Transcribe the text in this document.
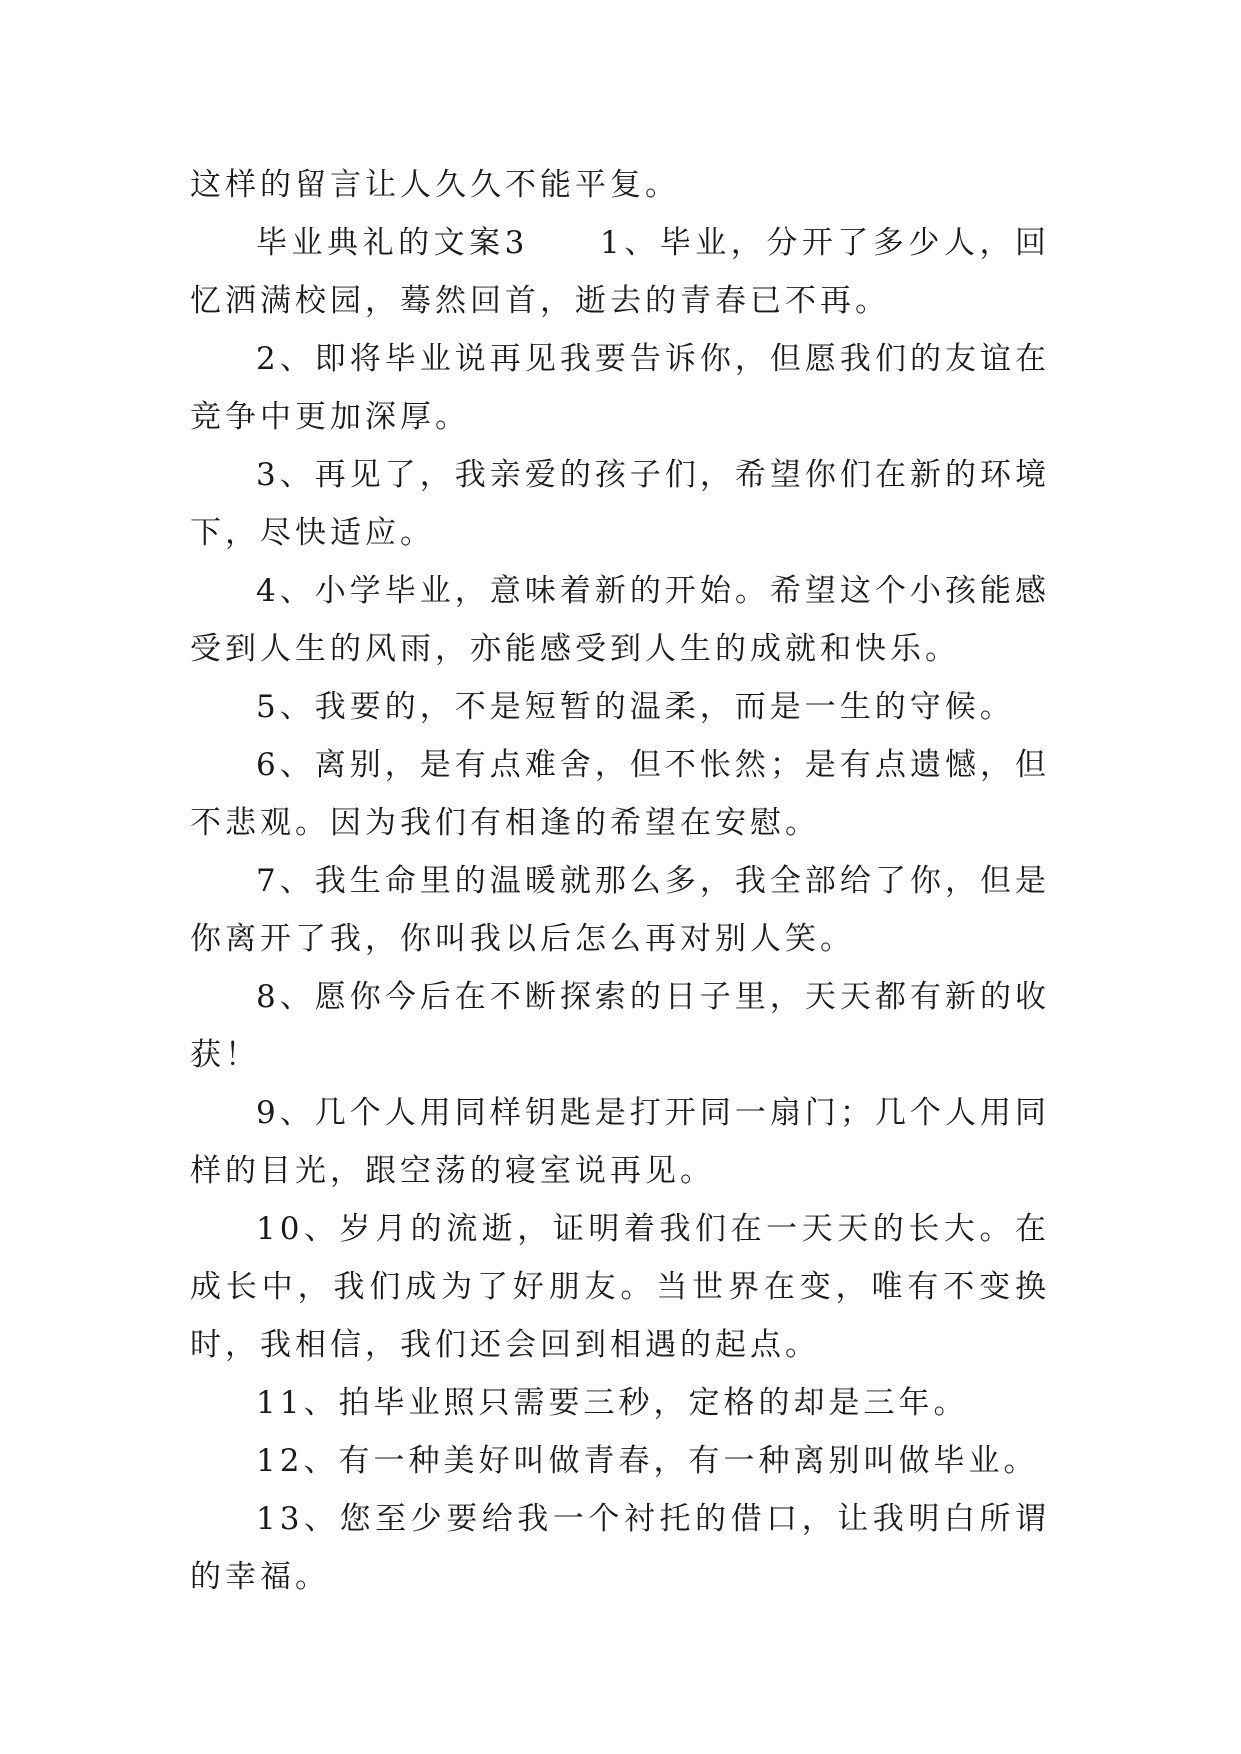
这样的留言让人久久不能平复。

毕业典礼的文案3　　1、毕业，分开了多少人，回忆洒满校园，蓦然回首，逝去的青春已不再。

2、即将毕业说再见我要告诉你，但愿我们的友谊在竞争中更加深厚。

3、再见了，我亲爱的孩子们，希望你们在新的环境下，尽快适应。

4、小学毕业，意味着新的开始。希望这个小孩能感受到人生的风雨，亦能感受到人生的成就和快乐。

5、我要的，不是短暂的温柔，而是一生的守候。

6、离别，是有点难舍，但不怅然；是有点遗憾，但不悲观。因为我们有相逢的希望在安慰。

7、我生命里的温暖就那么多，我全部给了你，但是你离开了我，你叫我以后怎么再对别人笑。

8、愿你今后在不断探索的日子里，天天都有新的收获！

9、几个人用同样钥匙是打开同一扇门；几个人用同样的目光，跟空荡的寝室说再见。

10、岁月的流逝，证明着我们在一天天的长大。在成长中，我们成为了好朋友。当世界在变，唯有不变换时，我相信，我们还会回到相遇的起点。

11、拍毕业照只需要三秒，定格的却是三年。

12、有一种美好叫做青春，有一种离别叫做毕业。

13、您至少要给我一个衬托的借口，让我明白所谓的幸福。
